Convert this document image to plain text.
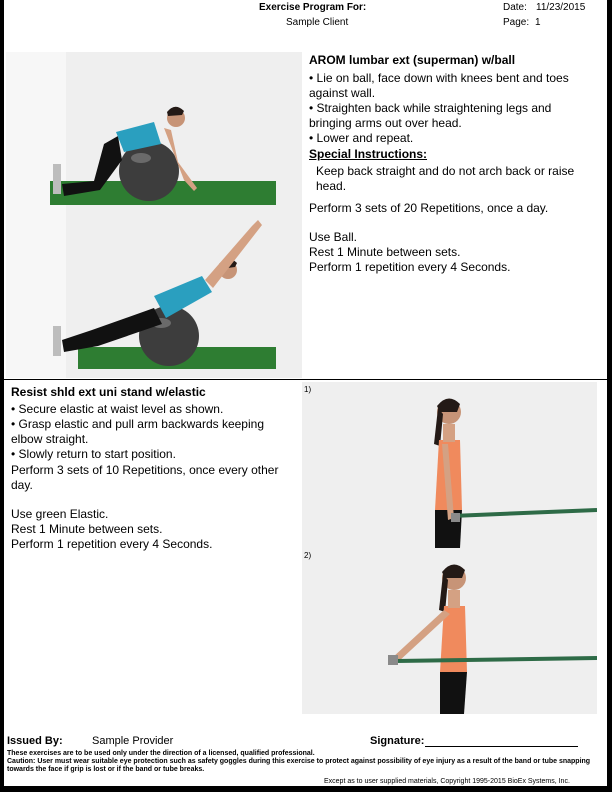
Exercise Program For:
Sample Client
Date: 11/23/2015
Page: 1
AROM lumbar ext (superman) w/ball
• Lie on ball, face down with knees bent and toes against wall.
• Straighten back while straightening legs and bringing arms out over head.
• Lower and repeat.
Special Instructions:
Keep back straight and do not arch back or raise head.
Perform 3 sets of 20 Repetitions, once a day.
Use Ball.
Rest 1 Minute between sets.
Perform 1 repetition every 4 Seconds.
Resist shld ext uni stand w/elastic
• Secure elastic at waist level as shown.
• Grasp elastic and pull arm backwards keeping elbow straight.
• Slowly return to start position.
Perform 3 sets of 10 Repetitions, once every other day.
Use green Elastic.
Rest 1 Minute between sets.
Perform 1 repetition every 4 Seconds.
1)
2)
Issued By:	Sample Provider	Signature:
These exercises are to be used only under the direction of a licensed, qualified professional.
Caution: User must wear suitable eye protection such as safety goggles during this exercise to protect against possibility of eye injury as a result of the band or tube snapping towards the face if grip is lost or if the band or tube breaks.
Except as to user supplied materials, Copyright 1995-2015 BioEx Systems, Inc.
